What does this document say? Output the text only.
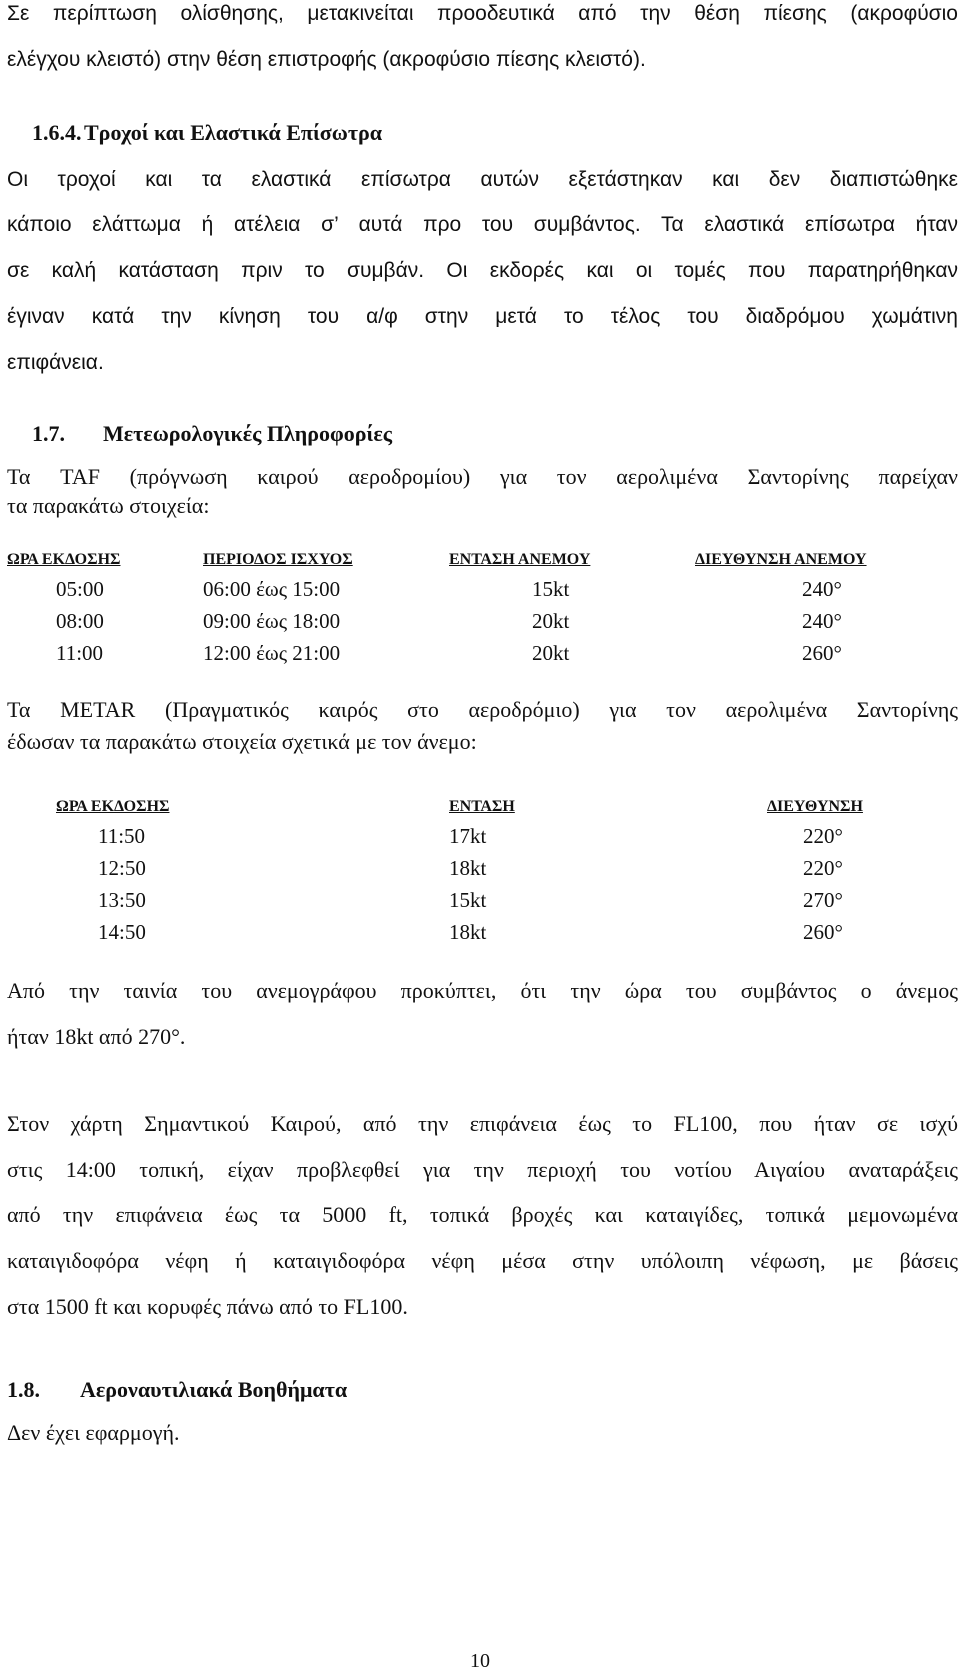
Σε περίπτωση ολίσθησης, μετακινείται προοδευτικά από την θέση πίεσης (ακροφύσιο
ελέγχου κλειστό) στην θέση επιστροφής (ακροφύσιο πίεσης κλειστό).
1.6.4. Τροχοί και Ελαστικά Επίσωτρα
Οι τροχοί και τα ελαστικά επίσωτρα αυτών εξετάστηκαν και δεν διαπιστώθηκε
κάποιο ελάττωμα ή ατέλεια σ’ αυτά προ του συμβάντος. Τα ελαστικά επίσωτρα ήταν
σε καλή κατάσταση πριν το συμβάν. Οι εκδορές και οι τομές που παρατηρήθηκαν
έγιναν κατά την κίνηση του α/φ στην μετά το τέλος του διαδρόμου χωμάτινη
επιφάνεια.
1.7. Μετεωρολογικές Πληροφορίες
Τα TAF (πρόγνωση καιρού αεροδρομίου) για τον αερολιμένα Σαντορίνης παρείχαν
τα παρακάτω στοιχεία:
ΩΡΑ ΕΚΔΟΣΗΣ	ΠΕΡΙΟΔΟΣ ΙΣΧΥΟΣ	ΕΝΤΑΣΗ ΑΝΕΜΟΥ	ΔΙΕΥΘΥΝΣΗ ΑΝΕΜΟΥ
05:00	06:00 έως 15:00	15kt	240°
08:00	09:00 έως 18:00	20kt	240°
11:00	12:00 έως 21:00	20kt	260°
Τα METAR (Πραγματικός καιρός στο αεροδρόμιο) για τον αερολιμένα Σαντορίνης
έδωσαν τα παρακάτω στοιχεία σχετικά με τον άνεμο:
ΩΡΑ ΕΚΔΟΣΗΣ	ΕΝΤΑΣΗ	ΔΙΕΥΘΥΝΣΗ
11:50	17kt	220°
12:50	18kt	220°
13:50	15kt	270°
14:50	18kt	260°
Από την ταινία του ανεμογράφου προκύπτει, ότι την ώρα του συμβάντος ο άνεμος
ήταν 18kt από 270°.
Στον χάρτη Σημαντικού Καιρού, από την επιφάνεια έως το FL100, που ήταν σε ισχύ
στις 14:00 τοπική, είχαν προβλεφθεί για την περιοχή του νοτίου Αιγαίου αναταράξεις
από την επιφάνεια έως τα 5000 ft, τοπικά βροχές και καταιγίδες, τοπικά μεμονωμένα
καταιγιδοφόρα νέφη ή καταιγιδοφόρα νέφη μέσα στην υπόλοιπη νέφωση, με βάσεις
στα 1500 ft και κορυφές πάνω από το FL100.
1.8. Αεροναυτιλιακά Βοηθήματα
Δεν έχει εφαρμογή.
10
